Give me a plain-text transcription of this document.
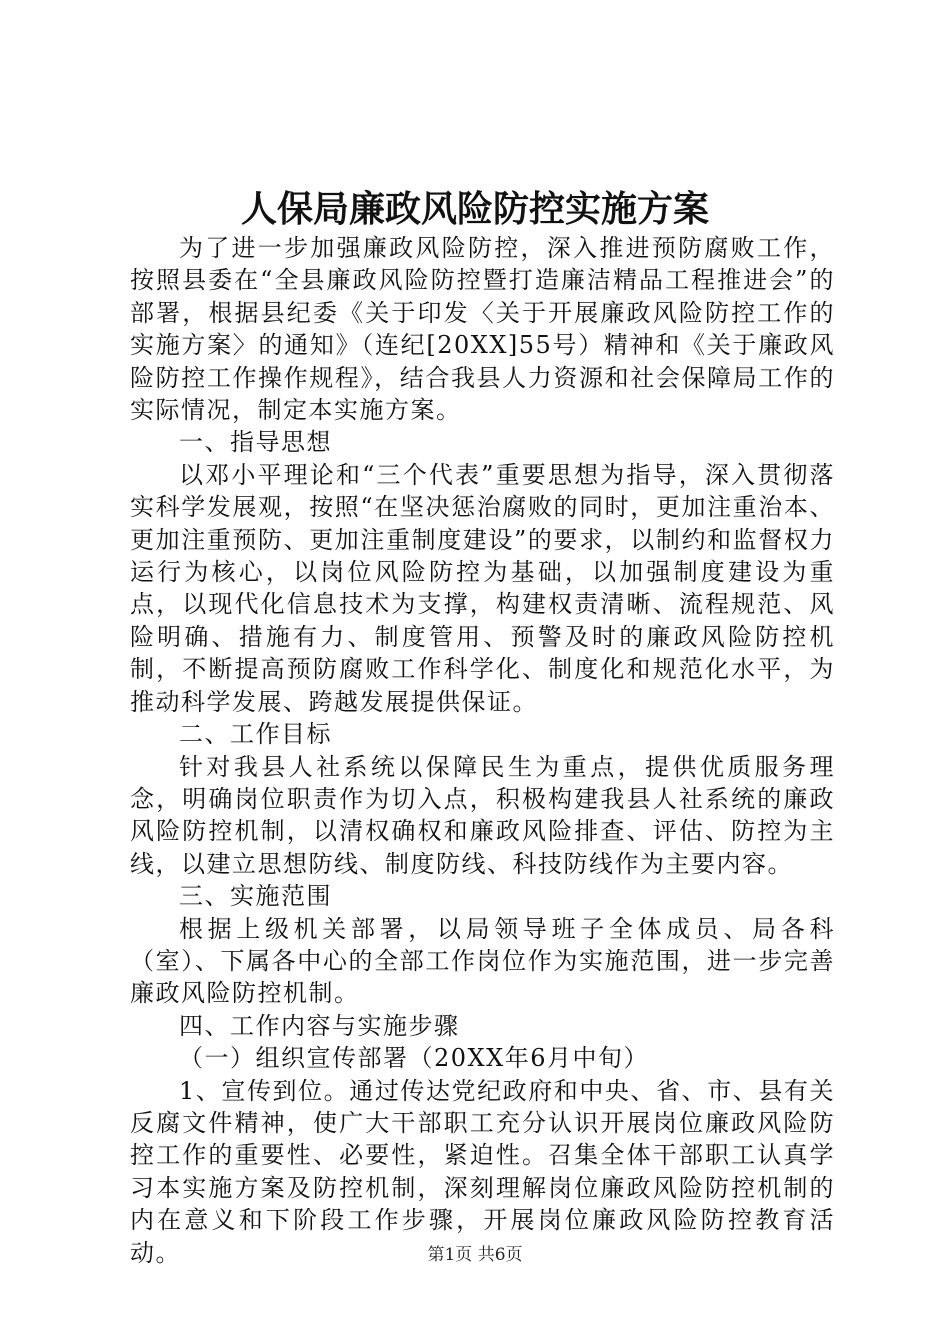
人保局廉政风险防控实施方案

为了进一步加强廉政风险防控，深入推进预防腐败工作，按照县委在“全县廉政风险防控暨打造廉洁精品工程推进会”的部署，根据县纪委《关于印发〈关于开展廉政风险防控工作的实施方案〉的通知》（连纪[20XX]55号）精神和《关于廉政风险防控工作操作规程》，结合我县人力资源和社会保障局工作的实际情况，制定本实施方案。

一、指导思想

以邓小平理论和“三个代表”重要思想为指导，深入贯彻落实科学发展观，按照“在坚决惩治腐败的同时，更加注重治本、更加注重预防、更加注重制度建设”的要求，以制约和监督权力运行为核心，以岗位风险防控为基础，以加强制度建设为重点，以现代化信息技术为支撑，构建权责清晰、流程规范、风险明确、措施有力、制度管用、预警及时的廉政风险防控机制，不断提高预防腐败工作科学化、制度化和规范化水平，为推动科学发展、跨越发展提供保证。

二、工作目标

针对我县人社系统以保障民生为重点，提供优质服务理念，明确岗位职责作为切入点，积极构建我县人社系统的廉政风险防控机制，以清权确权和廉政风险排查、评估、防控为主线，以建立思想防线、制度防线、科技防线作为主要内容。

三、实施范围

根据上级机关部署，以局领导班子全体成员、局各科（室）、下属各中心的全部工作岗位作为实施范围，进一步完善廉政风险防控机制。

四、工作内容与实施步骤

（一）组织宣传部署（20XX年6月中旬）

1、宣传到位。通过传达党纪政府和中央、省、市、县有关反腐文件精神，使广大干部职工充分认识开展岗位廉政风险防控工作的重要性、必要性，紧迫性。召集全体干部职工认真学习本实施方案及防控机制，深刻理解岗位廉政风险防控机制的内在意义和下阶段工作步骤，开展岗位廉政风险防控教育活动。	第1页 共6页
